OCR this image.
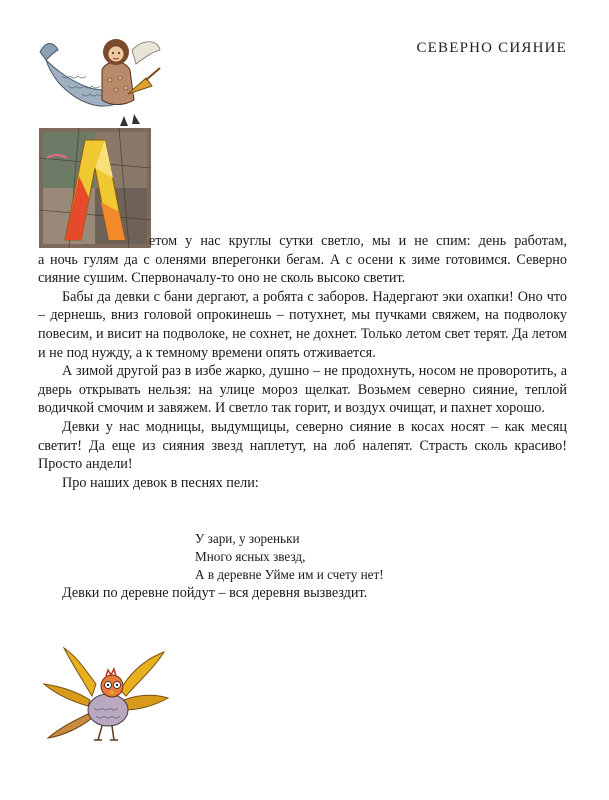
СЕВЕРНО СИЯНИЕ
етом у нас круглы сутки светло, мы и не спим: день работам,
а ночь гулям да с оленями вперегонки бегам. А с осени к зиме готовимся. Северно сияние сушим. Спервоначалу-то оно не сколь высоко светит.

Бабы да девки с бани дергают, а робята с заборов. Надергают эки охапки! Оно что – дернешь, вниз головой опрокинешь – потухнет, мы пучками свяжем, на подволоку повесим, и висит на подволоке, не сохнет, не дохнет. Только летом свет терят. Да летом и не под нужду, а к темному времени опять отживается.

А зимой другой раз в избе жарко, душно – не продохнуть, носом не проворотить, а дверь открывать нельзя: на улице мороз щелкат. Возьмем северно сияние, теплой водичкой смочим и завяжем. И светло так горит, и воздух очищат, и пахнет хорошо.

Девки у нас модницы, выдумщицы, северно сияние в косах носят – как месяц светит! Да еще из сияния звезд наплетут, на лоб налепят. Страсть сколь красиво! Просто андели!

Про наших девок в песнях пели:

У зари, у зореньки
Много ясных звезд,
А в деревне Уйме им и счету нет!

Девки по деревне пойдут – вся деревня вызвездит.
